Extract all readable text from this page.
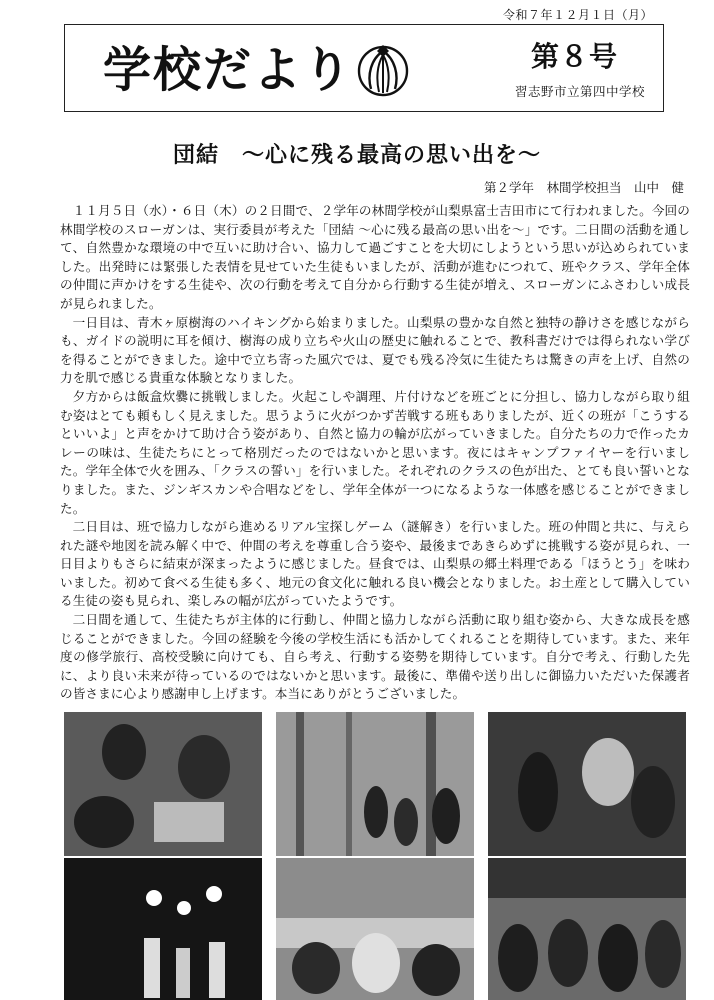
令和７年１２月１日（月）
学校だより	第８号
習志野市立第四中学校
団結　～心に残る最高の思い出を～
第２学年　林間学校担当　山中　健

１１月５日（水）・６日（木）の２日間で、２学年の林間学校が山梨県富士吉田市にて行われました。今回の林間学校のスローガンは、実行委員が考えた「団結 ～心に残る最高の思い出を～」です。二日間の活動を通して、自然豊かな環境の中で互いに助け合い、協力して過ごすことを大切にしようという思いが込められていました。出発時には緊張した表情を見せていた生徒もいましたが、活動が進むにつれて、班やクラス、学年全体の仲間に声かけをする生徒や、次の行動を考えて自分から行動する生徒が増え、スローガンにふさわしい成長が見られました。

一日目は、青木ヶ原樹海のハイキングから始まりました。山梨県の豊かな自然と独特の静けさを感じながらも、ガイドの説明に耳を傾け、樹海の成り立ちや火山の歴史に触れることで、教科書だけでは得られない学びを得ることができました。途中で立ち寄った風穴では、夏でも残る冷気に生徒たちは驚きの声を上げ、自然の力を肌で感じる貴重な体験となりました。

夕方からは飯盒炊爨に挑戦しました。火起こしや調理、片付けなどを班ごとに分担し、協力しながら取り組む姿はとても頼もしく見えました。思うように火がつかず苦戦する班もありましたが、近くの班が「こうするといいよ」と声をかけて助け合う姿があり、自然と協力の輪が広がっていきました。自分たちの力で作ったカレーの味は、生徒たちにとって格別だったのではないかと思います。夜にはキャンプファイヤーを行いました。学年全体で火を囲み、「クラスの誓い」を行いました。それぞれのクラスの色が出た、とても良い誓いとなりました。また、ジンギスカンや合唱などをし、学年全体が一つになるような一体感を感じることができました。

二日目は、班で協力しながら進めるリアル宝探しゲーム（謎解き）を行いました。班の仲間と共に、与えられた謎や地図を読み解く中で、仲間の考えを尊重し合う姿や、最後まであきらめずに挑戦する姿が見られ、一日目よりもさらに結束が深まったように感じました。昼食では、山梨県の郷土料理である「ほうとう」を味わいました。初めて食べる生徒も多く、地元の食文化に触れる良い機会となりました。お土産として購入している生徒の姿も見られ、楽しみの幅が広がっていたようです。

二日間を通して、生徒たちが主体的に行動し、仲間と協力しながら活動に取り組む姿から、大きな成長を感じることができました。今回の経験を今後の学校生活にも活かしてくれることを期待しています。また、来年度の修学旅行、高校受験に向けても、自ら考え、行動する姿勢を期待しています。自分で考え、行動した先に、より良い未来が待っているのではないかと思います。最後に、準備や送り出しに御協力いただいた保護者の皆さまに心より感謝申し上げます。本当にありがとうございました。
